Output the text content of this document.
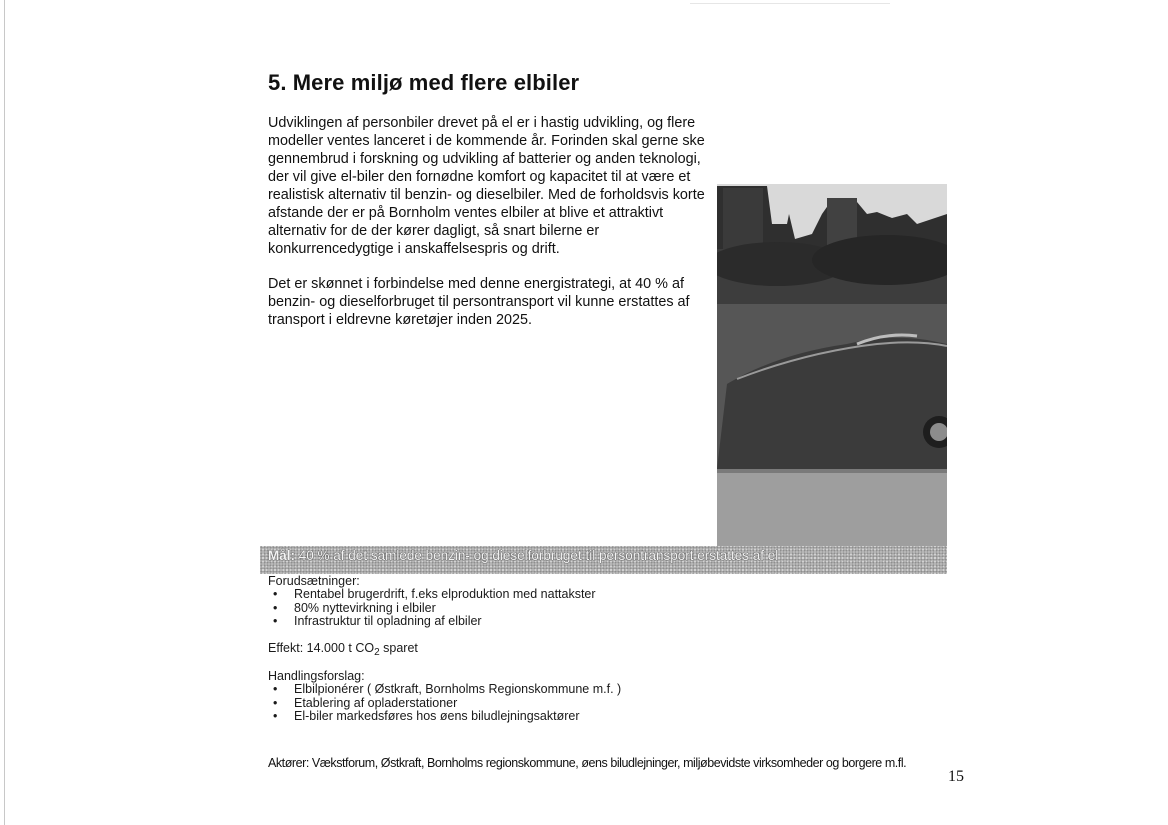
5. Mere miljø med flere elbiler

Udviklingen af personbiler drevet på el er i hastig udvikling, og flere modeller ventes lanceret i de kommende år. Forinden skal gerne ske gennembrud i forskning og udvikling af batterier og anden teknologi, der vil give el-biler den fornødne komfort og kapacitet til at være et realistisk alternativ til benzin- og dieselbiler. Med de forholdsvis korte afstande der er på Bornholm ventes elbiler at blive et attraktivt alternativ for de der kører dagligt, så snart bilerne er konkurrencedygtige i anskaffelsespris og drift.

Det er skønnet i forbindelse med denne energistrategi, at 40 % af benzin- og dieselforbruget til persontransport vil kunne erstattes af transport i eldrevne køretøjer inden 2025.

Mål: 40 % af det samlede benzin- og dieselforbruget til persontransport erstattes af el

Forudsætninger:

• Rentabel brugerdrift, f.eks elproduktion med nattakster
• 80% nyttevirkning i elbiler
• Infrastruktur til opladning af elbiler

Effekt: 14.000 t $CO_2$ sparet

Handlingsforslag:

• Elbilpionérer ( Østkraft, Bornholms Regionskommune m.f. )
• Etablering af opladerstationer
• El-biler markedsføres hos øens biludlejningsaktører

Aktører: Vækstforum, Østkraft, Bornholms regionskommune, øens biludlejninger, miljøbevidste virksomheder og borgere m.fl.

15
